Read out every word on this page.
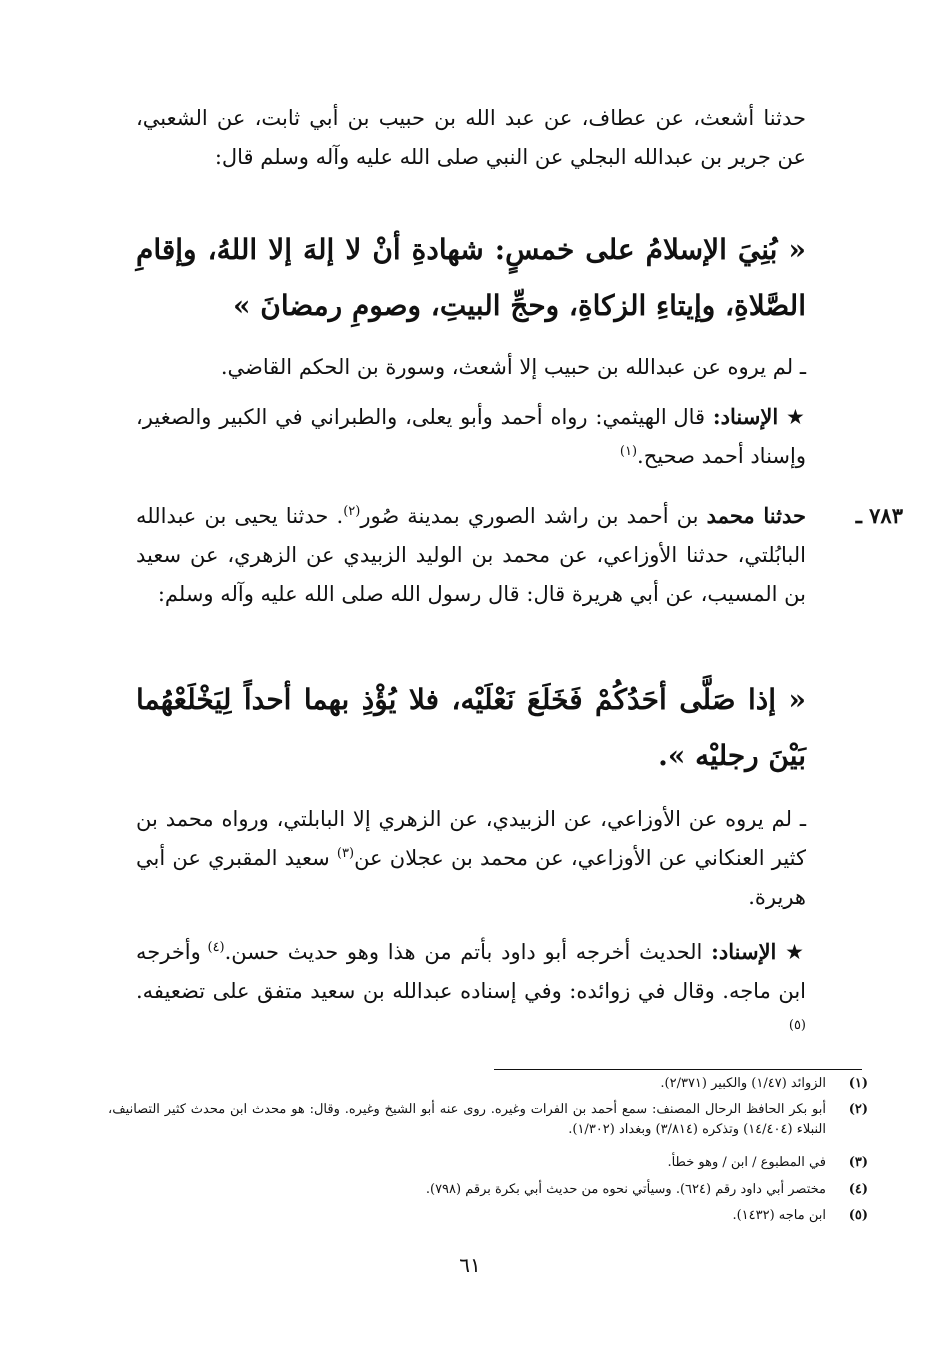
حدثنا أشعث، عن عطاف، عن عبد الله بن حبيب بن أبي ثابت، عن الشعبي، عن جرير بن عبدالله البجلي عن النبي صلى الله عليه وآله وسلم قال:

« بُنِيَ الإسلامُ على خمسٍ: شهادةِ أنْ لا إلهَ إلا اللهُ، وإقامِ الصَّلاةِ، وإيتاءِ الزكاةِ، وحجِّ البيتِ، وصومِ رمضانَ »

ـ لم يروه عن عبدالله بن حبيب إلا أشعث، وسورة بن الحكم القاضي.

★ الإسناد: قال الهيثمي: رواه أحمد وأبو يعلى، والطبراني في الكبير والصغير، وإسناد أحمد صحيح.$^{(١)}$

٧٨٣ ـ

حدثنا محمد بن أحمد بن راشد الصوري بمدينة صُور$^{(٢)}$. حدثنا يحيى بن عبدالله البابُلتي، حدثنا الأوزاعي، عن محمد بن الوليد الزبيدي عن الزهري، عن سعيد بن المسيب، عن أبي هريرة قال: قال رسول الله صلى الله عليه وآله وسلم:

« إذا صَلَّى أحَدُكُمْ فَخَلَعَ نَعْلَيْه، فلا يُؤْذِ بهما أحداً لِيَخْلَعْهُما بَيْنَ رجليْه ».

ـ لم يروه عن الأوزاعي، عن الزبيدي، عن الزهري إلا البابلتي، ورواه محمد بن كثير العنكاني عن الأوزاعي، عن محمد بن عجلان عن$^{(٣)}$ سعيد المقبري عن أبي هريرة.

★ الإسناد: الحديث أخرجه أبو داود بأتم من هذا وهو حديث حسن.$^{(٤)}$ وأخرجه ابن ماجه. وقال في زوائده: وفي إسناده عبدالله بن سعيد متفق على تضعيفه.$^{(٥)}$

(١)
الزوائد (١/٤٧) والكبير (٢/٣٧١).
(٢)
أبو بكر الحافظ الرحال المصنف: سمع أحمد بن الفرات وغيره. روى عنه أبو الشيخ وغيره. وقال: هو محدث ابن محدث كثير التصانيف، النبلاء (١٤/٤٠٤) وتذكره (٣/٨١٤) وبغداد (١/٣٠٢).
(٣)
في المطبوع / ابن / وهو خطأ.
(٤)
مختصر أبي داود رقم (٦٢٤). وسيأتي نحوه من حديث أبي بكرة برقم (٧٩٨).
(٥)
ابن ماجه (١٤٣٢).
٦١
